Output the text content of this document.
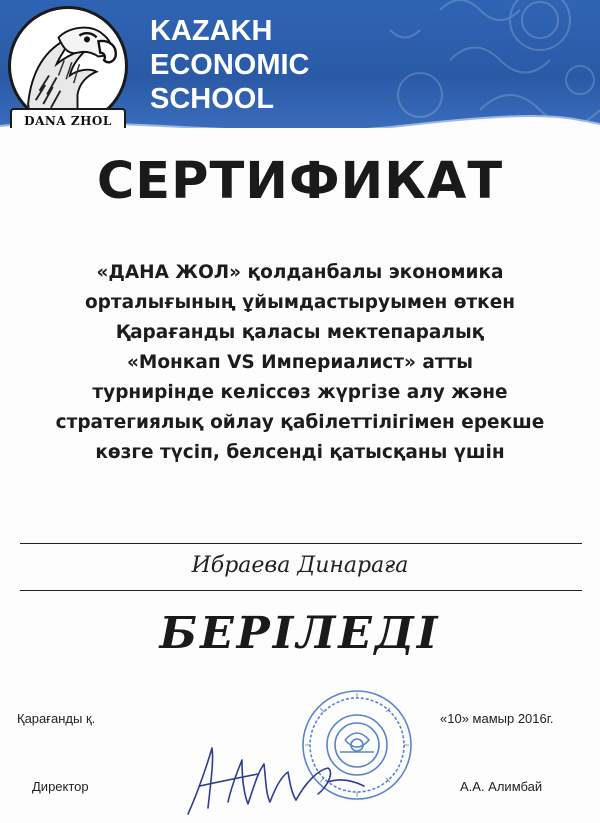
DANA ZHOL
KAZAKH
ECONOMIC
SCHOOL
СЕРТИФИКАТ
«ДАНА ЖОЛ» қолданбалы экономика
орталығының ұйымдастыруымен өткен
Қарағанды қаласы мектепаралық
«Монкап VS Империалист» атты
турнирінде келіссөз жүргізе алу және
стратегиялық ойлау қабілеттілігімен ерекше
көзге түсіп, белсенді қатысқаны үшін
Ибраева Динараға
БЕРІЛЕДІ
Қарағанды қ.	«10» мамыр 2016г.
Директор	А.А. Алимбай
